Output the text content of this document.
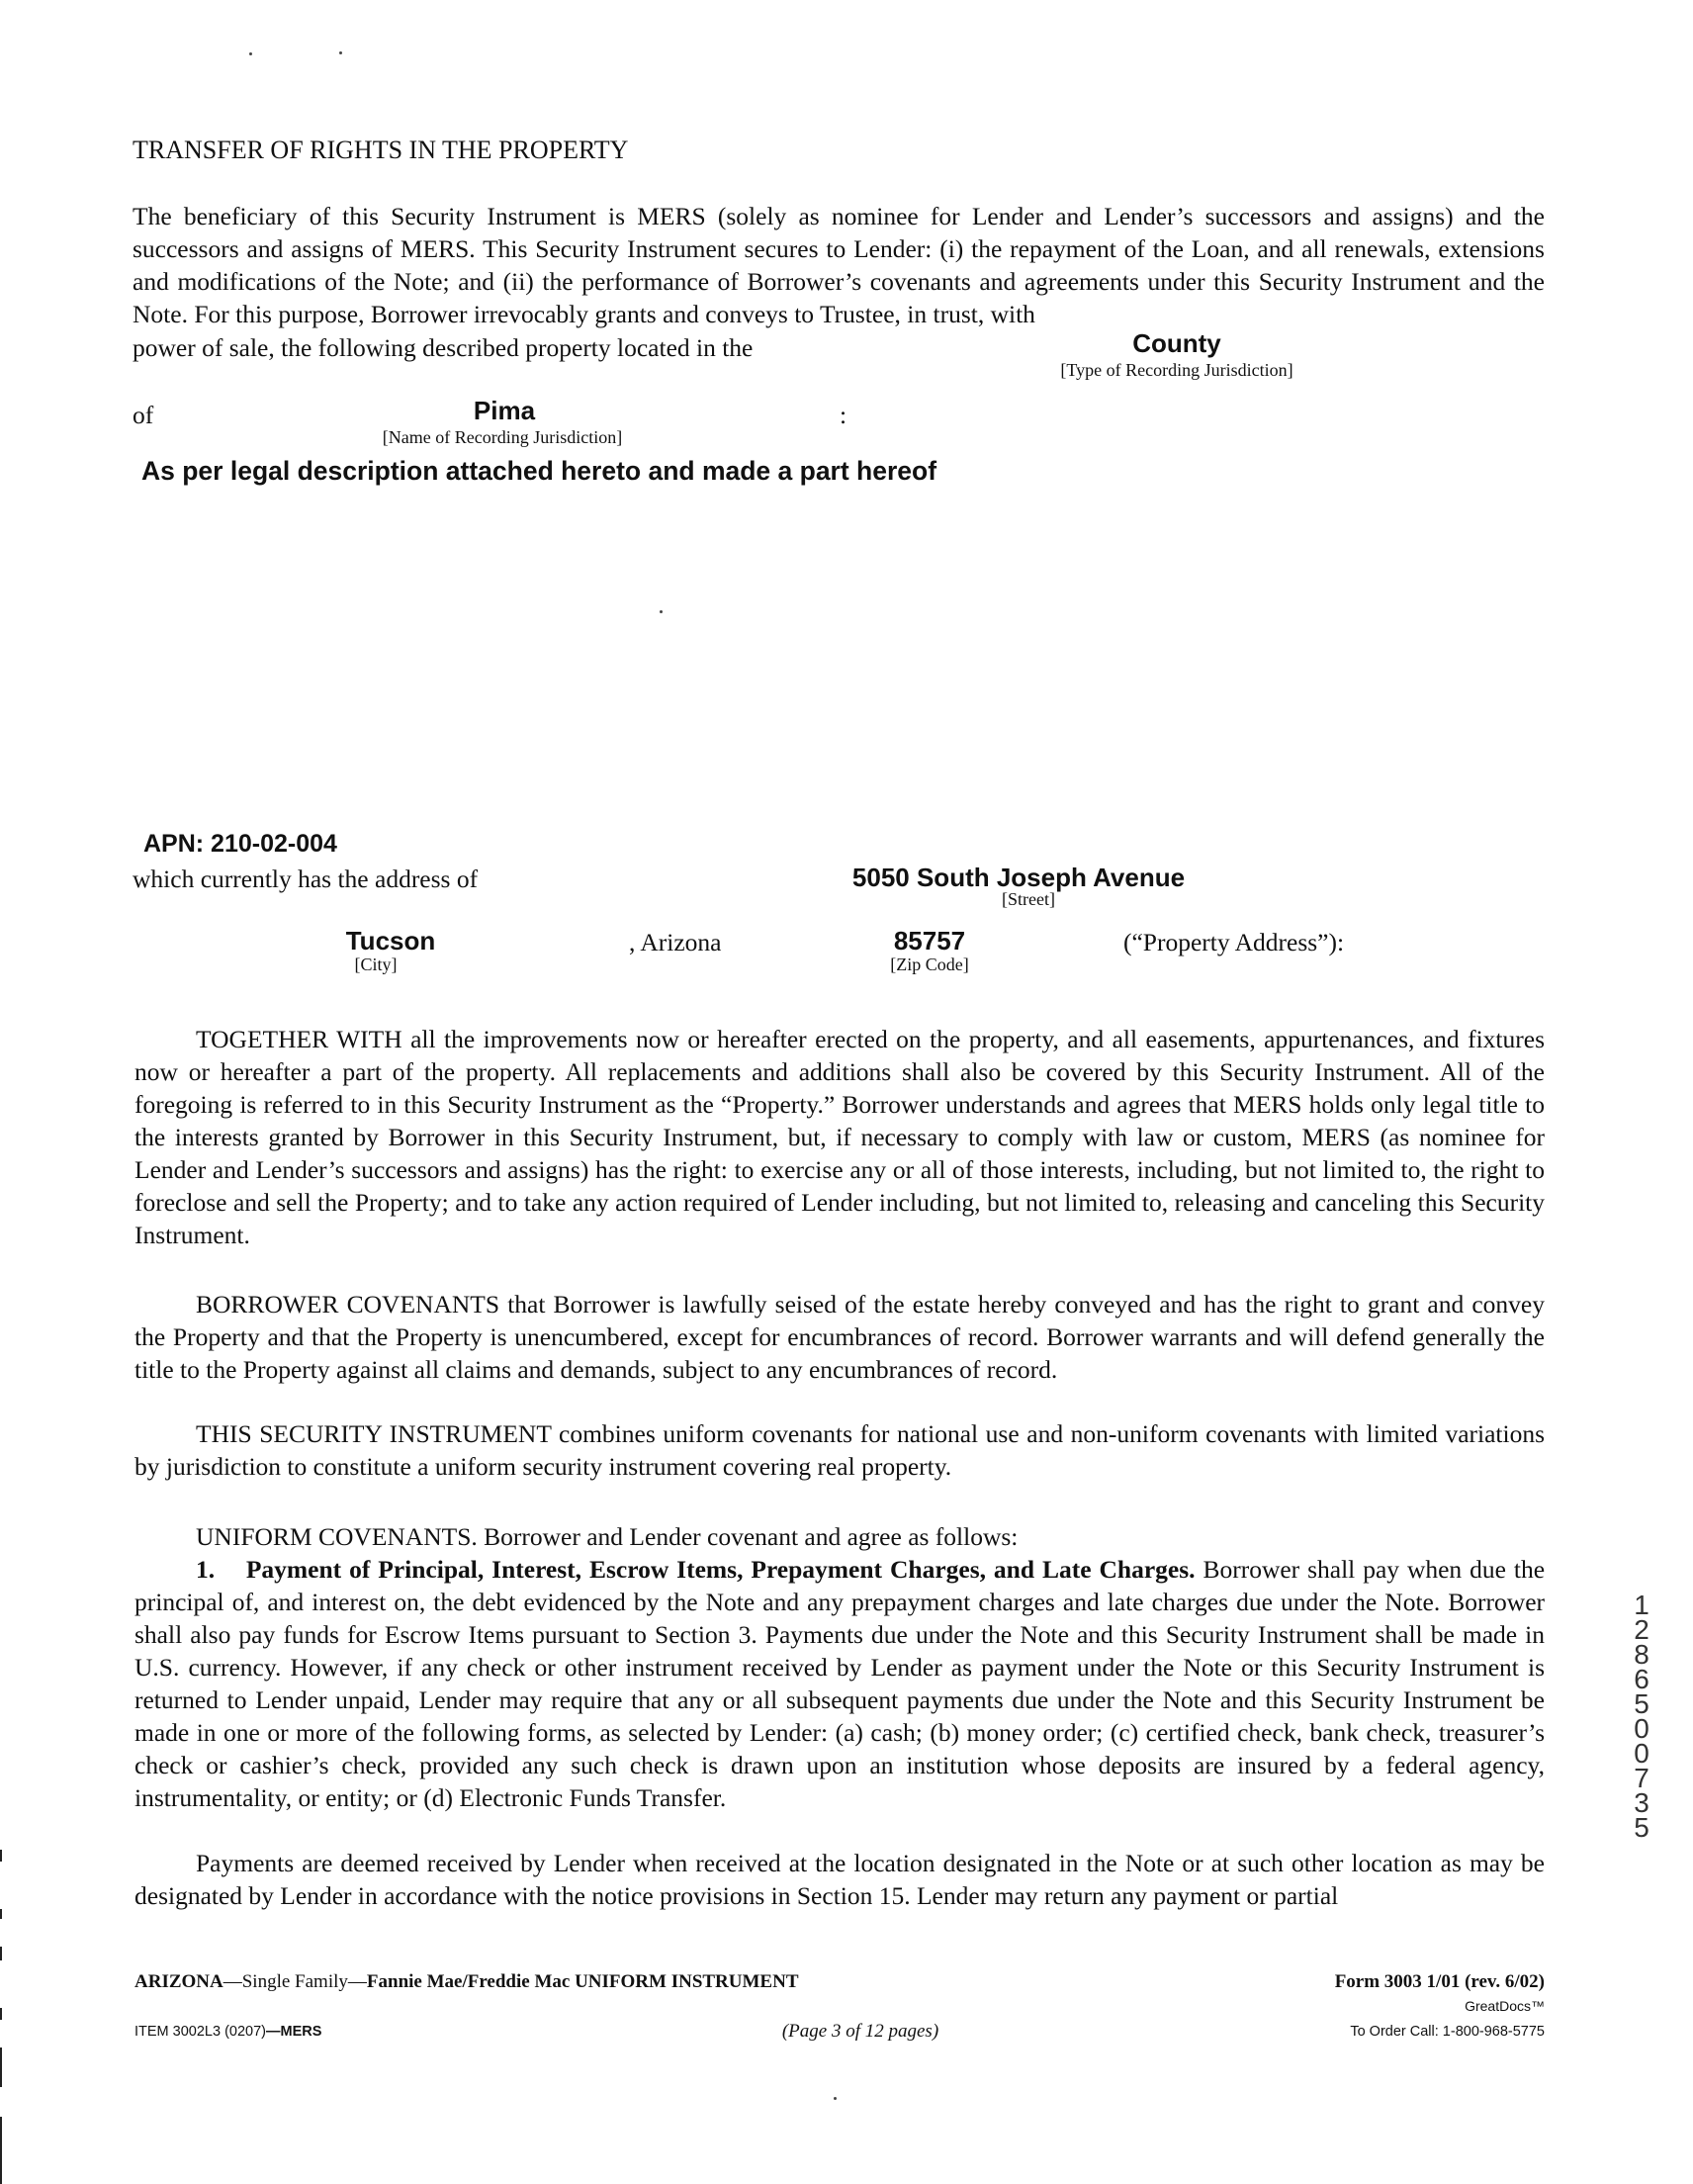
TRANSFER OF RIGHTS IN THE PROPERTY
The beneficiary of this Security Instrument is MERS (solely as nominee for Lender and Lender’s successors and assigns) and the successors and assigns of MERS. This Security Instrument secures to Lender: (i) the repayment of the Loan, and all renewals, extensions and modifications of the Note; and (ii) the performance of Borrower’s covenants and agreements under this Security Instrument and the Note. For this purpose, Borrower irrevocably grants and conveys to Trustee, in trust, with
power of sale, the following described property located in the	County
[Type of Recording Jurisdiction]
of	Pima
[Name of Recording Jurisdiction]
:
As per legal description attached hereto and made a part hereof
APN: 210-02-004
which currently has the address of	5050 South Joseph Avenue
[Street]
Tucson
[City]
, Arizona	85757
[Zip Code]
(“Property Address”):
TOGETHER WITH all the improvements now or hereafter erected on the property, and all easements, appurtenances, and fixtures now or hereafter a part of the property. All replacements and additions shall also be covered by this Security Instrument. All of the foregoing is referred to in this Security Instrument as the “Property.” Borrower understands and agrees that MERS holds only legal title to the interests granted by Borrower in this Security Instrument, but, if necessary to comply with law or custom, MERS (as nominee for Lender and Lender’s successors and assigns) has the right: to exercise any or all of those interests, including, but not limited to, the right to foreclose and sell the Property; and to take any action required of Lender including, but not limited to, releasing and canceling this Security Instrument.
BORROWER COVENANTS that Borrower is lawfully seised of the estate hereby conveyed and has the right to grant and convey the Property and that the Property is unencumbered, except for encumbrances of record. Borrower warrants and will defend generally the title to the Property against all claims and demands, subject to any encumbrances of record.
THIS SECURITY INSTRUMENT combines uniform covenants for national use and non-uniform covenants with limited variations by jurisdiction to constitute a uniform security instrument covering real property.
UNIFORM COVENANTS. Borrower and Lender covenant and agree as follows:
1. Payment of Principal, Interest, Escrow Items, Prepayment Charges, and Late Charges. Borrower shall pay when due the principal of, and interest on, the debt evidenced by the Note and any prepayment charges and late charges due under the Note. Borrower shall also pay funds for Escrow Items pursuant to Section 3. Payments due under the Note and this Security Instrument shall be made in U.S. currency. However, if any check or other instrument received by Lender as payment under the Note or this Security Instrument is returned to Lender unpaid, Lender may require that any or all subsequent payments due under the Note and this Security Instrument be made in one or more of the following forms, as selected by Lender: (a) cash; (b) money order; (c) certified check, bank check, treasurer’s check or cashier’s check, provided any such check is drawn upon an institution whose deposits are insured by a federal agency, instrumentality, or entity; or (d) Electronic Funds Transfer.
Payments are deemed received by Lender when received at the location designated in the Note or at such other location as may be designated by Lender in accordance with the notice provisions in Section 15. Lender may return any payment or partial
1 2 8 6 5 0 0 7 3 5
ARIZONA—Single Family—Fannie Mae/Freddie Mac UNIFORM INSTRUMENT	Form 3003 1/01 (rev. 6/02)
GreatDocs™
ITEM 3002L3 (0207)—MERS	(Page 3 of 12 pages)	To Order Call: 1-800-968-5775
